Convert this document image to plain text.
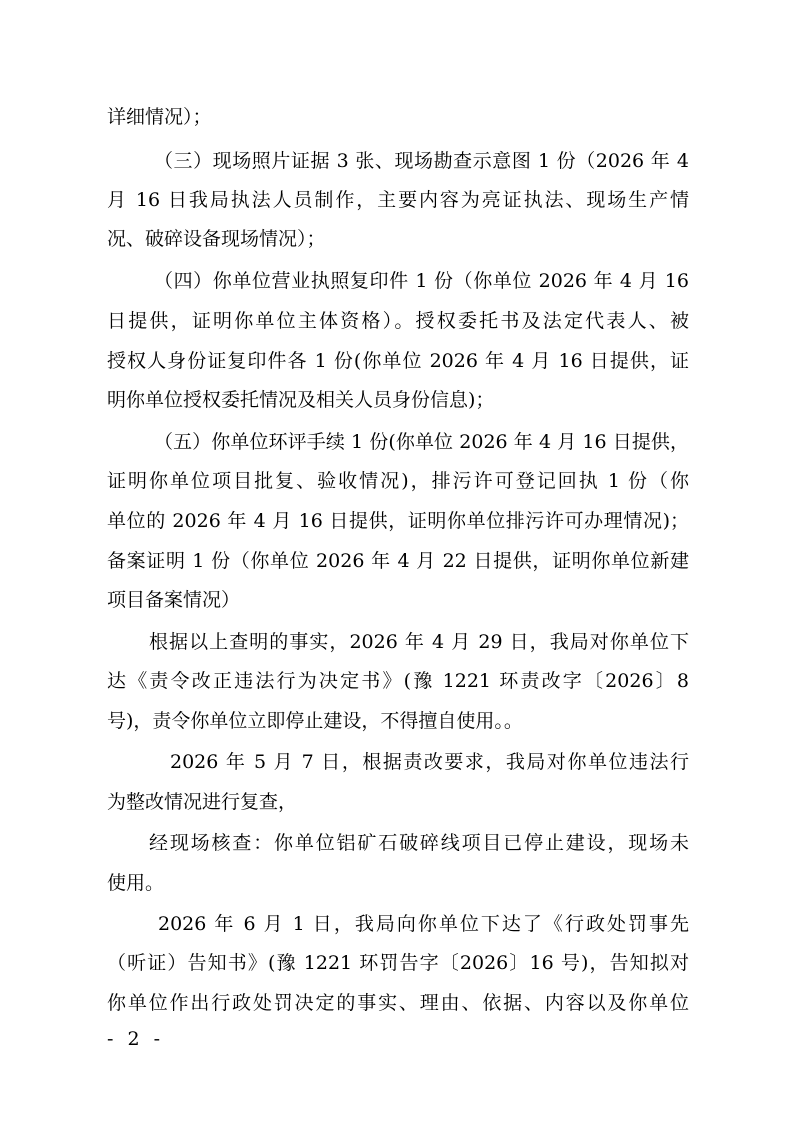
详细情况）；
（三）现场照片证据 3 张、现场勘查示意图 1 份（2026 年 4
月 16 日我局执法人员制作，主要内容为亮证执法、现场生产情
况、破碎设备现场情况）；
（四）你单位营业执照复印件 1 份（你单位 2026 年 4 月 16
日提供，证明你单位主体资格）。授权委托书及法定代表人、被
授权人身份证复印件各 1 份(你单位 2026 年 4 月 16 日提供，证
明你单位授权委托情况及相关人员身份信息)；
（五）你单位环评手续 1 份(你单位 2026 年 4 月 16 日提供，
证明你单位项目批复、验收情况)，排污许可登记回执 1 份（你
单位的 2026 年 4 月 16 日提供，证明你单位排污许可办理情况)；
备案证明 1 份（你单位 2026 年 4 月 22 日提供，证明你单位新建
项目备案情况）
根据以上查明的事实，2026 年 4 月 29 日，我局对你单位下
达《责令改正违法行为决定书》(豫 1221 环责改字〔2026〕8
号)，责令你单位立即停止建设，不得擅自使用。。
2026 年 5 月 7 日，根据责改要求，我局对你单位违法行
为整改情况进行复查，
经现场核查：你单位铝矿石破碎线项目已停止建设，现场未
使用。
2026 年 6 月 1 日，我局向你单位下达了《行政处罚事先
（听证）告知书》(豫 1221 环罚告字〔2026〕16 号)，告知拟对
你单位作出行政处罚决定的事实、理由、依据、内容以及你单位
- 2 -
